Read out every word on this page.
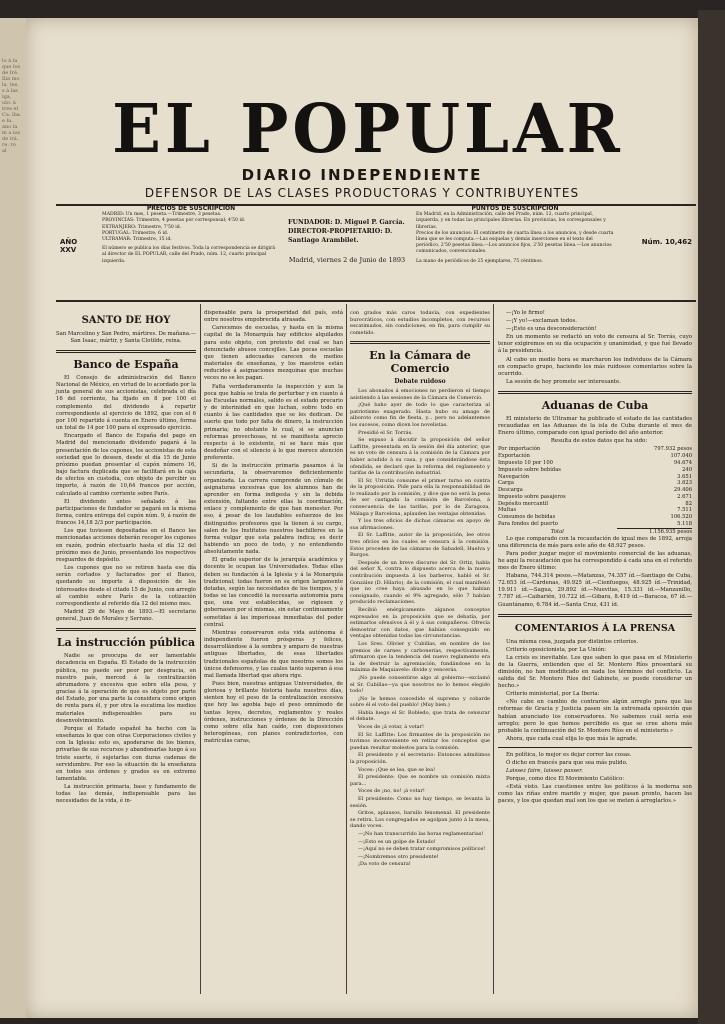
lo á la que los de Iré. Ilia mo la. tes. s á las iga, ulo. á tres el Ca. iba. e la. ano la m a ios de irá. re. ro al EL POPULAR
DIARIO INDEPENDIENTE
DEFENSOR DE LAS CLASES PRODUCTORAS Y CONTRIBUYENTES
AÑO XXV
PRECIOS DE SUSCRIPCIÓN
MADRID: Un mes, 1 peseta.—Trimestre, 3 pesetas.
PROVINCIAS: Trimestre, 4 pesetas por corresponsal; 4'50 id.
EXTRANJERO: Trimestre, 7'50 id.
PORTUGAL: Trimestre, 6 id.
ULTRAMAR: Trimestre, 15 id.
El número se publica los días festivos. Toda la correspondencia se dirigirá al director de EL POPULAR, calle del Prado, núm. 12, cuarto principal izquierda.
FUNDADOR: D. Miguel P. García.
DIRECTOR-PROPIETARIO: D. Santiago Arambilet.
Madrid, viernes 2 de Junio de 1893
PUNTOS DE SUSCRIPCIÓN
En Madrid, en la Administración, calle del Prado, núm. 12, cuarto principal, izquierda, y en todas las principales librerías. En provincias, los corresponsales y librerías.
Precios de los anuncios: El centímetro de cuarta línea a los anuncios, y desde cuarta línea que se les computa.—Las esquelas y demás inserciones en el texto del periódico, 2'50 pesetas línea.—Los anuncios fijos, 2'50 pesetas línea.—Los anuncios comunicados, convencionales.
La mano de periódicos de 25 ejemplares, 75 céntimos.
Núm. 10,462
SANTO DE HOY
San Marcelino y San Pedro, mártires. De mañana.—San Isaac, mártir, y Santa Clotilde, reina.
Banco de España

El Consejo de administración del Banco Nacional de México, en virtud de lo acordado por la junta general de sus accionistas, celebrada el día 16 del corriente, ha fijado en 8 por 100 el complemento del dividendo á repartir correspondiente al ejercicio de 1892, que con el 6 por 100 repartido á cuenta en Enero último, forma un total de 14 por 100 para el expresado ejercicio.

Encargado el Banco de España del pago en Madrid del mencionado dividendo pagará á la presentación de los cupones, los accionistas de esta sociedad que lo deseen, desde el día 15 de Junio próximo puedan presentar el cupón número 16, bajo factura duplicada que se facilitará en la caja de efectos en custodia, con objeto de percibir su importe, á razón de 10,64 francos por acción, calculado al cambio corriente sobre París.

El dividendo antes señalado á las participaciones de fundador se pagará en la misma forma, contra entrega del cupón núm. 9, á razón de francos 14,18 2/3 por participación.

Los que tuviesen depositadas en el Banco las mencionadas acciones deberán recoger los cupones en razón, podrán efectuarlo hasta el día 12 del próximo mes de Junio, presentando los respectivos resguardos de depósito.

Los cupones que no se retiren hasta ese día serán cortados y facturados por el Banco, quedando su importe á disposición de los interesados desde el citado 15 de Junio, con arreglo al cambio sobre París de la cotización correspondiente al referido día 12 del mismo mes.

Madrid 29 de Mayo de 1893.—El secretario general, Juan de Morales y Serrano.

La instrucción pública

Nadie se preocupa de ser lamentable decadencia en España. El Estado de la instrucción pública, no puede ser peor por desgracia, en nuestro país, merced á la centralización abrumadora y excesiva que sobre ella pesa, y gracias á la operación de que es objeto por parte del Estado, por una parte la considera como origen de renta para él, y por otra la escatima los medios materiales indispensables para su desenvolvimiento.

Porque el Estado español ha hecho con la enseñanza lo que con otras Corporaciones civiles y con la Iglesia: esto es, apoderarse de los bienes, privarlas de sus recursos y abandonarlas luego á su triste suerte, ó sujetarlas con duras cadenas de servidumbre. Por eso la situación de la enseñanza en todos sus órdenes y grados es en extremo lamentable.

La instrucción primaria, base y fundamento de todas las demás, indispensable para las necesidades de la vida, é in-

dispensable para la prosperidad del país, está entre nosotros empobrecida atrasada.

Carecemos de escuelas, y hasta en la misma capital de la Monarquía hay edificios alquilados para este objeto, con pretexto del cual se han denunciado abusos concejiles. Las pocas escuelas que tienen adecuadas carecen de medios materiales de enseñanza, y los maestros están reducidos á asignaciones mezquinas que muchas veces no se les pagan.

Falta verdaderamente la inspección y aun la poca que había se trata de perturbar y en cuanto á las Escuelas normales, salido es el estado precario y de interinidad en que luchan, sobre todo en cuanto á las cantidades que se les dedican. De suerte que todo por falta de dinero, la instrucción primaria; no obstante lo cual, si se anuncian reformas provechosas, ni se manifiesta aprecio respecto á lo existente, ni se hace más que desdeñar con el silencio á lo que merece atención preferente.

Si de la instrucción primaria pasamos á la secundaria, la observaremos deficientemente organizada. La carrera comprende un cúmulo de asignaturas excesivas que los alumnos han de aprender en forma indigesta y sin la debida extensión, faltando entre ellas la coordinación, enlace y complemento de que han menester. Por eso, á pesar de los laudables esfuerzos de los distinguidos profesores que la tienen á su cargo, salen de los Institutos nuestros bachilleres en la forma vulgar que esta palabra indica; es decir habiendo un poco de todo, y no entendiendo absolutamente nada.

El grado superior de la jerarquía académica y docente le ocupan las Universidades. Todas ellas deben su fundación á la Iglesia y á la Monarquía tradicional; todas fueron en su origen largamente dotadas, según las necesidades de los tiempos, y á todas se las concedió la necesaria autonomía para que, una vez establecidas, se rigiesen y gobernasen por sí mismas, sin estar continuamente sometidas á las imperiosas inmediatas del poder central.

Mientras conservaron esta vida autónoma é independiente fueron prósperas y felices, desarrollándose á la sombra y amparo de nuestras antiguas libertades, de esas libertades tradicionales españolas de que nosotros somos los únicos defensores, y las cuales tanto superan á esa mal llamada libertad que ahora rige.

Pues bien, nuestras antiguas Universidades, de gloriosa y brillante historia hasta nuestros días, sienten hoy el peso de la centralización excesiva que hoy las agobia bajo el peso omnímodo de tantas leyes, decretos, reglamentos y reales órdenes, instrucciones y órdenes de la Dirección como sobre ella han caído, con disposiciones heterogéneas, con planes contradictorios, con matrículas caras,

con grados más caros todavía, con expedientes burocráticos, con estudios incompletos, con recursos escatimados, sin condiciones, en fin, para cumplir su cometido.

En la Cámara de Comercio
Debate ruidoso

Los abonados á emociones no perdieron el tiempo asistiendo á las sesiones de la Cámara de Comercio.

¡Qué baho ayer de todo lo que caracteriza al patriotismo exagerado. Hasta hubo su amago de alboroto como fin de fiesta, y... pero no adelantemos los sucesos, como dicen los novelistas.

Presidió el Sr. Torrás.

Se expuso á discutir la proposición del señor Laffitte, presentada en la sesión del día anterior, que es un voto de censura á la comisión de la Cámara por haber acudido á su casa, y que considerándose ésta ofendida, se declaró que la reforma del reglamento y tarifas de la contribución industrial.

El Sr. Urrutia consume el primer turno en contra de la proposición. Pide para ella la responsabilidad de lo realizado por la comisión, y dice que no será la pena de ser castigada la comisión de Barcelona, á consecuencia de las tarifas, por lo de Zaragoza, Málaga y Barcelona, aplauden las ventajas obtenidas.

Y los tres oficios de dichas cámaras en apoyo de sus afirmaciones.

El Sr. Laffitte, autor de la proposición, lee otros tres oficios en los cuales se censura á la comisión. Estos proceden de las cámaras de Sabadell, Huelva y Burgos.

Después de un breve discurso del Sr. Ortiz, habla del señor X, contra lo dispuesto acerca de la nueva contribución impuesta á los barberos, habló el Sr. González (D. Hilario), de la comisión, el cual manifestó que no cree haya abusado en lo que habían consignado, cuando el 9% agregado, sólo 7 habían producido reclamaciones.

Recibió enérgicamente algunos conceptos expresados en la proposición que se debatía, por estimarlos ofensivos á él y á sus compañeros. Ofrecía demostrar con datos, que habían conseguido en ventajas obtenidas todas las circunstancias.

Los Sres. Olivier y Cubillas, en nombre de los gremios de carnes y carbonerías, respectivamente, afirmaron que la tendencia del nuevo reglamento era la de destruir la agremiación, fundándose en la máxima de Maquiavelo: divide y vencerás.

¡No puede consentirse algo al gobierno—exclamó el Sr. Cubillas—ya que nosotros no lo hemos elegido todo!

¡No le hemos concedido el supremo y cobarde sobre él el voto del pueblo! (Muy bien.)

Había luego el Sr. Robledo, que trata de censurar el debate.

Voces de ¡á votar, á votar!

El Sr. Laffitte: Los firmantes de la proposición no tuvimos inconveniente en retirar los conceptos que puedan resultar molestos para la comisión.

El presidente y el secretario: Entonces admitimos la proposición.

Voces: ¡Que se lea, que se lea!

El presidente: Que se nombre un comisión mixta para...

Voces de ¡no, no! ¡á votar!

El presidente: Como no hay tiempo, se levanta la sesión.

Gritos, aplausos, barullo fenomenal. El presidente se retira. Los congregados se agolpan junto á la mesa, dando voces.

—¡No han transcurrido las horas reglamentarias!

—¡Esto es un golpe de Estado!

—¡Aquí no se deben tratar compromisos políticos!

—¡Nombremos otro presidente!

¡Da voto de censura!

—¡Yo le firmo!

—¡Y yo!—exclaman todos.

—¡Esto es una desconsideración!

En un momento se redactó un voto de censura al Sr. Torrás, cuyo tenor exigiremos en su día ocupación y unanimidad, y que fué llevado á la presidencia.

Al cabo un medio hora se marcharon los individuos de la Cámara en compacto grupo, haciendo los más ruidosos comentarios sobre la ocurrido.

La sesión de hoy promete ser interesante.

Aduanas de Cuba

El ministerio de Ultramar ha publicado el estado de las cantidades recaudadas en las Aduanas de la isla de Cuba durante el mes de Enero último, comparado con igual período del año anterior.

Resulta de estos datos que ha sido:

Por importación	797.932 pesos
Exportación	107.040
Impuesto 10 por 100	94.674
Impuesto sobre bebidas	240
Navegación	3.651
Carga	3.623
Descarga	29.406
Impuesto sobre pasajeros	2.671
Depósito mercantil	82
Multas	7.511
Consumos de bebidas	106.520
Para fondos del puerto	5.118
Total	1.156.935 pesos

Lo que comparado con la recaudación de igual mes de 1892, arroja una diferencia de más para este año de 48.927 pesos.

Para poder juzgar mejor el movimiento comercial de las aduanas, he aquí la recaudación que ha correspondido á cada una en el referido mes de Enero último:

Habana, 744.314 pesos.—Matanzas, 74.357 íd.—Santiago de Cuba, 72.653 íd.—Cárdenas, 49.925 íd.—Cienfuegos, 48.925 íd.—Trinidad, 19.911 íd.—Sagua, 29.892 íd.—Nuevitas, 15.331 íd.—Manzanillo, 7.787 íd.—Caibarién, 10.722 íd.—Gibara, 8.419 íd.—Baracoa, 67 íd.—Guantánamo, 6.784 íd.—Santa Cruz, 431 íd.

COMENTARIOS Á LA PRENSA

Una misma cosa, juzgada por distintos criterios.

Criterio oposicionista, por La Unión:

La crisis es inevitable. Los que saben lo que pasa en el Ministerio de la Guerra, entienden que el Sr. Montero Ríos presentará su dimisión, no han modificado en nada los términos del conflicto. La salida del Sr. Montero Ríos del Gabinete, se puede considerar un hecho.»

Criterio ministerial, por La Iberia:

«No cabe en cambio de contrarios algún arreglo para que las reformas de Gracia y Justicia pasen sin la extremada oposición que habían anunciado los conservadores. No sabemos cuál sería ese arreglo; pero lo que hemos percibido es que se cree ahora más probable la continuación del Sr. Montero Ríos en el ministerio.»

Ahora, que cada cual elija lo que más le agrade.

En política, lo mejor es dejar correr las cosas.

Ó dicho en francés para que sea más pulido.

Laissez faire, laissez passer.

Porque, como dice El Movimiento Católico:

«Está visto. Las cuestiones entre los políticos á la moderna son como las riñas entre marido y mujer, que pasan pronto, hacen las paces, y los que quedan mal son los que se meten á arreglarlos.»
